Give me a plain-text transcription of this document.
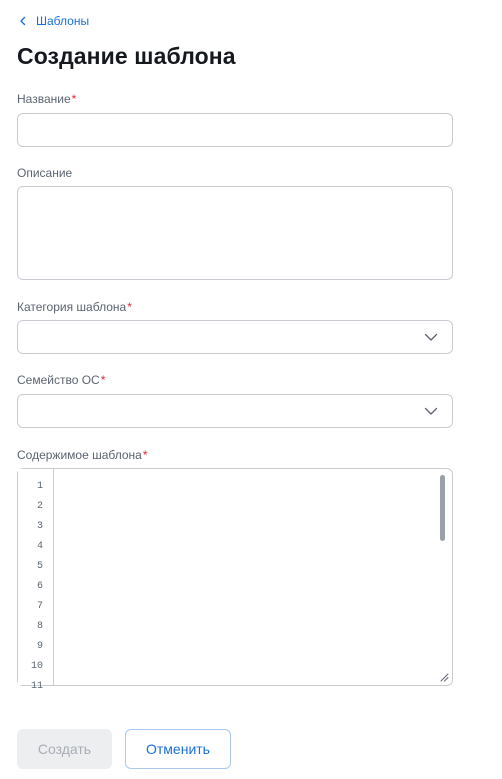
Шаблоны
Создание шаблона
Название*
Описание
Категория шаблона*
Семейство ОС*
Содержимое шаблона*
1
2
3
4
5
6
7
8
9
10
11
Создать	Отменить
